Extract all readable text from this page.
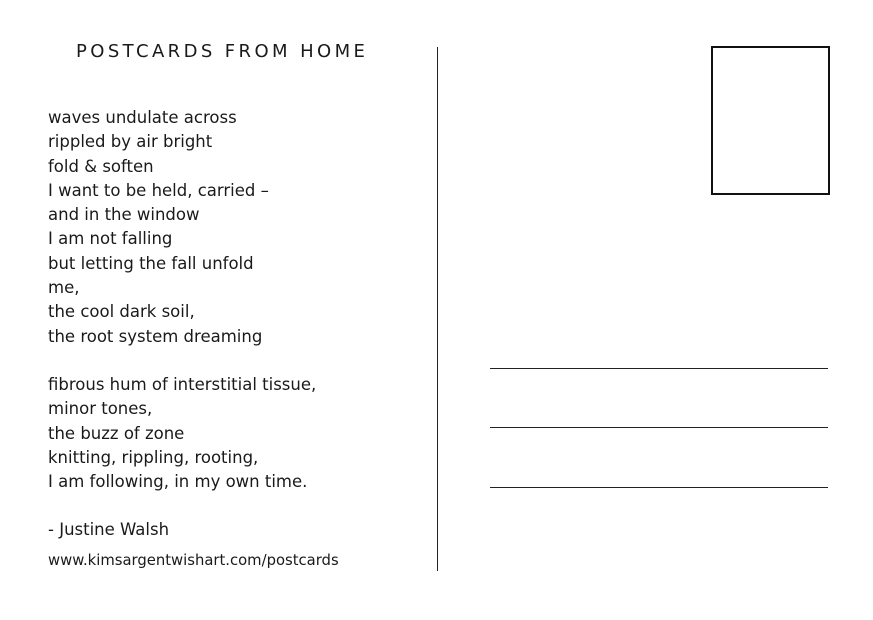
POSTCARDS FROM HOME
waves undulate across
rippled by air bright
fold & soften
I want to be held, carried –
and in the window
I am not falling
but letting the fall unfold
me,
the cool dark soil,
the root system dreaming
fibrous hum of interstitial tissue,
minor tones,
the buzz of zone
knitting, rippling, rooting,
I am following, in my own time.
- Justine Walsh
www.kimsargentwishart.com/postcards
